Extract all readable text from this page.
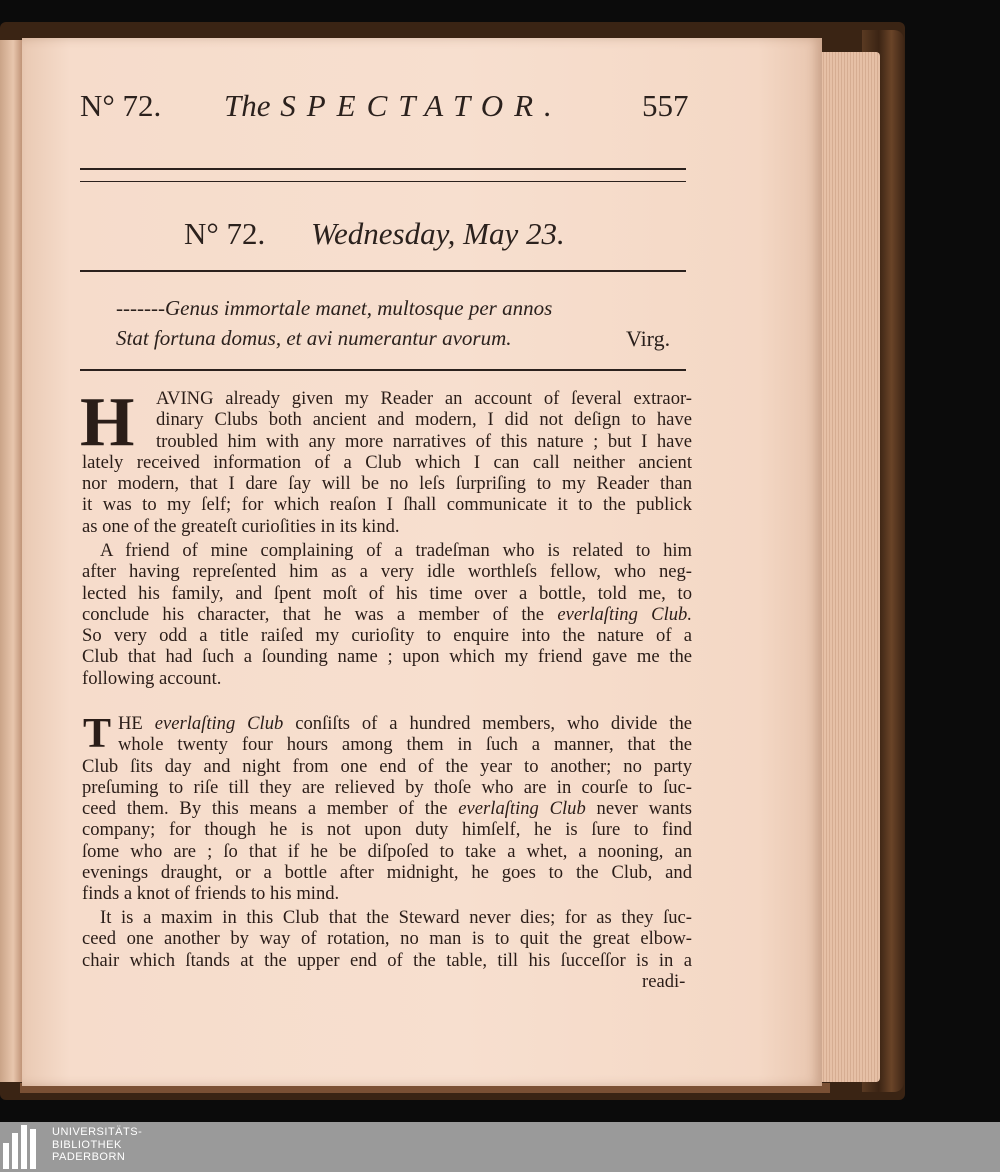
N° 72. The SPECTATOR.	557
N° 72. Wednesday, May 23.
-------Genus immortale manet, multosque per annos
Stat fortuna domus, et avi numerantur avorum.	Virg.
H	AVING already given my Reader an account of ſeveral extraor-
dinary Clubs both ancient and modern, I did not deſign to have
troubled him with any more narratives of this nature ; but I have
lately received information of a Club which I can call neither ancient
nor modern, that I dare ſay will be no leſs ſurpriſing to my Reader than
it was to my ſelf; for which reaſon I ſhall communicate it to the publick
as one of the greateſt curioſities in its kind.
A friend of mine complaining of a tradeſman who is related to him
after having repreſented him as a very idle worthleſs fellow, who neg-
lected his family, and ſpent moſt of his time over a bottle, told me, to
conclude his character, that he was a member of the everlaſting Club.
So very odd a title raiſed my curioſity to enquire into the nature of a
Club that had ſuch a ſounding name ; upon which my friend gave me the
following account.
T HE everlaſting Club conſiſts of a hundred members, who divide the
whole twenty four hours among them in ſuch a manner, that the
Club ſits day and night from one end of the year to another; no party
preſuming to riſe till they are relieved by thoſe who are in courſe to ſuc-
ceed them. By this means a member of the everlaſting Club never wants
company; for though he is not upon duty himſelf, he is ſure to find
ſome who are ; ſo that if he be diſpoſed to take a whet, a nooning, an
evenings draught, or a bottle after midnight, he goes to the Club, and
finds a knot of friends to his mind.
It is a maxim in this Club that the Steward never dies; for as they ſuc-
ceed one another by way of rotation, no man is to quit the great elbow-
chair which ſtands at the upper end of the table, till his ſucceſſor is in a
readi-
UNIVERSITÄTS-
BIBLIOTHEK
PADERBORN
